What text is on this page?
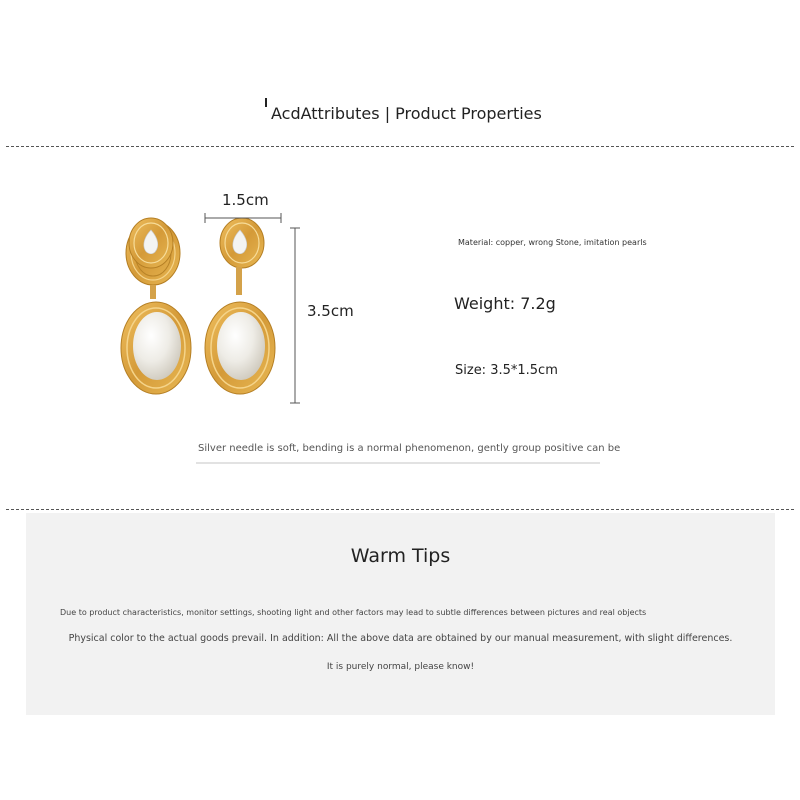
AcdAttributes | Product Properties
1.5cm
3.5cm
Material: copper, wrong Stone, imitation pearls
Weight: 7.2g
Size: 3.5*1.5cm
Silver needle is soft, bending is a normal phenomenon, gently group positive can be
Warm Tips
Due to product characteristics, monitor settings, shooting light and other factors may lead to subtle differences between pictures and real objects
Physical color to the actual goods prevail. In addition: All the above data are obtained by our manual measurement, with slight differences.
It is purely normal, please know!
